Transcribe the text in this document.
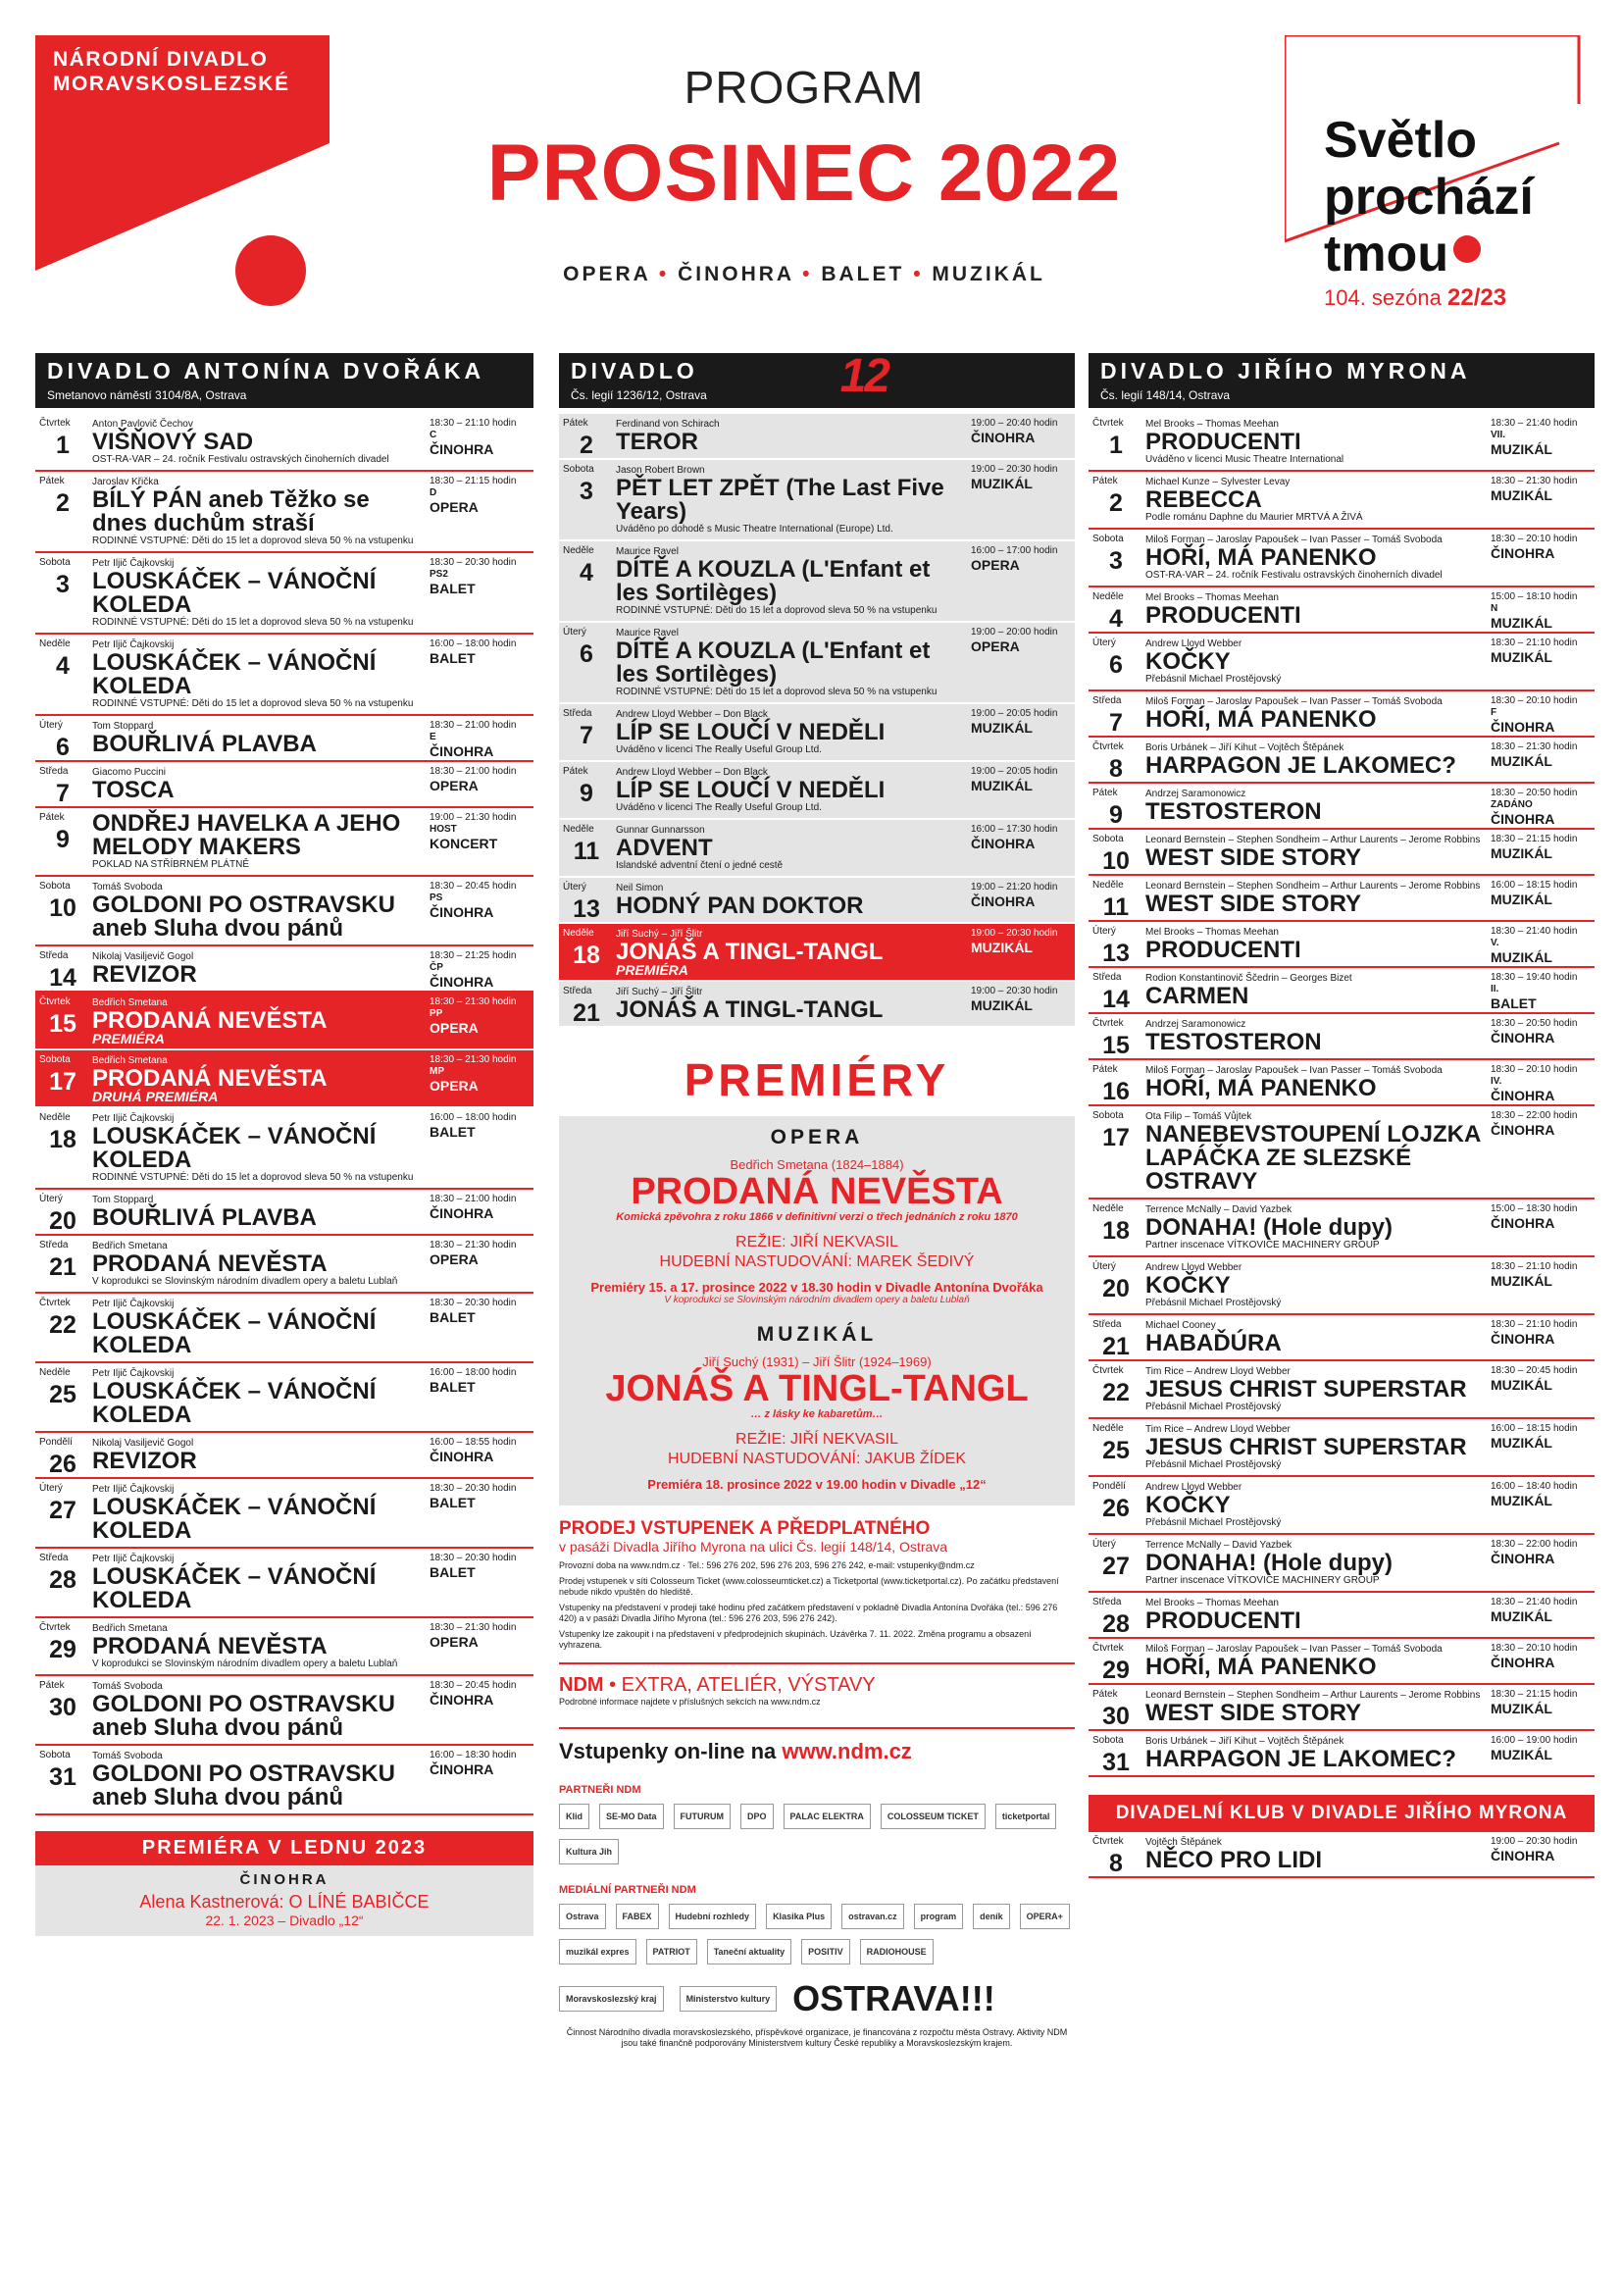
NÁRODNÍ DIVADLO
MORAVSKOSLEZSKÉ	PROGRAM
PROSINEC 2022
OPERA • ČINOHRA • BALET • MUZIKÁL
Světlo
prochází
tmou
104. sezóna 22/23
DIVADLO ANTONÍNA DVOŘÁKA
Smetanovo náměstí 3104/8A, Ostrava
Čtvrtek
1
Anton Pavlovič Čechov
VIŠŇOVÝ SAD
OST-RA-VAR – 24. ročník Festivalu ostravských činoherních divadel
18:30 – 21:10 hodin
C
ČINOHRA
Pátek
2
Jaroslav Křička
BÍLÝ PÁN aneb Těžko se dnes duchům straší
RODINNÉ VSTUPNÉ: Děti do 15 let a doprovod sleva 50 % na vstupenku
18:30 – 21:15 hodin
D
OPERA
Sobota
3
Petr Iljič Čajkovskij
LOUSKÁČEK – VÁNOČNÍ KOLEDA
RODINNÉ VSTUPNÉ: Děti do 15 let a doprovod sleva 50 % na vstupenku
18:30 – 20:30 hodin
PS2
BALET
Neděle
4
Petr Iljič Čajkovskij
LOUSKÁČEK – VÁNOČNÍ KOLEDA
RODINNÉ VSTUPNÉ: Děti do 15 let a doprovod sleva 50 % na vstupenku
16:00 – 18:00 hodin
BALET
Úterý
6
Tom Stoppard
BOUŘLIVÁ PLAVBA
18:30 – 21:00 hodin
E
ČINOHRA
Středa
7
Giacomo Puccini
TOSCA
18:30 – 21:00 hodin
OPERA
Pátek
9
ONDŘEJ HAVELKA A JEHO MELODY MAKERS
POKLAD NA STŘÍBRNÉM PLÁTNĚ
19:00 – 21:30 hodin
HOST
KONCERT
Sobota
10
Tomáš Svoboda
GOLDONI PO OSTRAVSKU aneb Sluha dvou pánů
18:30 – 20:45 hodin
PS
ČINOHRA
Středa
14
Nikolaj Vasiljevič Gogol
REVIZOR
18:30 – 21:25 hodin
ČP
ČINOHRA
Čtvrtek
15
Bedřich Smetana
PRODANÁ NEVĚSTA
PREMIÉRA
18:30 – 21:30 hodin
PP
OPERA
Sobota
17
Bedřich Smetana
PRODANÁ NEVĚSTA
DRUHÁ PREMIÉRA
18:30 – 21:30 hodin
MP
OPERA
Neděle
18
Petr Iljič Čajkovskij
LOUSKÁČEK – VÁNOČNÍ KOLEDA
RODINNÉ VSTUPNÉ: Děti do 15 let a doprovod sleva 50 % na vstupenku
16:00 – 18:00 hodin
BALET
Úterý
20
Tom Stoppard
BOUŘLIVÁ PLAVBA
18:30 – 21:00 hodin
ČINOHRA
Středa
21
Bedřich Smetana
PRODANÁ NEVĚSTA
V koprodukci se Slovinským národním divadlem opery a baletu Lublaň
18:30 – 21:30 hodin
OPERA
Čtvrtek
22
Petr Iljič Čajkovskij
LOUSKÁČEK – VÁNOČNÍ KOLEDA
18:30 – 20:30 hodin
BALET
Neděle
25
Petr Iljič Čajkovskij
LOUSKÁČEK – VÁNOČNÍ KOLEDA
16:00 – 18:00 hodin
BALET
Pondělí
26
Nikolaj Vasiljevič Gogol
REVIZOR
16:00 – 18:55 hodin
ČINOHRA
Úterý
27
Petr Iljič Čajkovskij
LOUSKÁČEK – VÁNOČNÍ KOLEDA
18:30 – 20:30 hodin
BALET
Středa
28
Petr Iljič Čajkovskij
LOUSKÁČEK – VÁNOČNÍ KOLEDA
18:30 – 20:30 hodin
BALET
Čtvrtek
29
Bedřich Smetana
PRODANÁ NEVĚSTA
V koprodukci se Slovinským národním divadlem opery a baletu Lublaň
18:30 – 21:30 hodin
OPERA
Pátek
30
Tomáš Svoboda
GOLDONI PO OSTRAVSKU aneb Sluha dvou pánů
18:30 – 20:45 hodin
ČINOHRA
Sobota
31
Tomáš Svoboda
GOLDONI PO OSTRAVSKU aneb Sluha dvou pánů
16:00 – 18:30 hodin
ČINOHRA
PREMIÉRA V LEDNU 2023
ČINOHRA
Alena Kastnerová: O LÍNÉ BABIČCE
22. 1. 2023 – Divadlo „12“
DIVADLO
Čs. legií 1236/12, Ostrava	12
Pátek
2
Ferdinand von Schirach
TEROR
19:00 – 20:40 hodin
ČINOHRA
Sobota
3
Jason Robert Brown
PĚT LET ZPĚT (The Last Five Years)
Uváděno po dohodě s Music Theatre International (Europe) Ltd.
19:00 – 20:30 hodin
MUZIKÁL
Neděle
4
Maurice Ravel
DÍTĚ A KOUZLA (L'Enfant et les Sortilèges)
RODINNÉ VSTUPNÉ: Děti do 15 let a doprovod sleva 50 % na vstupenku
16:00 – 17:00 hodin
OPERA
Úterý
6
Maurice Ravel
DÍTĚ A KOUZLA (L'Enfant et les Sortilèges)
RODINNÉ VSTUPNÉ: Děti do 15 let a doprovod sleva 50 % na vstupenku
19:00 – 20:00 hodin
OPERA
Středa
7
Andrew Lloyd Webber – Don Black
LÍP SE LOUČÍ V NEDĚLI
Uváděno v licenci The Really Useful Group Ltd.
19:00 – 20:05 hodin
MUZIKÁL
Pátek
9
Andrew Lloyd Webber – Don Black
LÍP SE LOUČÍ V NEDĚLI
Uváděno v licenci The Really Useful Group Ltd.
19:00 – 20:05 hodin
MUZIKÁL
Neděle
11
Gunnar Gunnarsson
ADVENT
Islandské adventní čtení o jedné cestě
16:00 – 17:30 hodin
ČINOHRA
Úterý
13
Neil Simon
HODNÝ PAN DOKTOR
19:00 – 21:20 hodin
ČINOHRA
Neděle
18
Jiří Suchý – Jiří Šlitr
JONÁŠ A TINGL-TANGL
PREMIÉRA
19:00 – 20:30 hodin
MUZIKÁL
Středa
21
Jiří Suchý – Jiří Šlitr
JONÁŠ A TINGL-TANGL
19:00 – 20:30 hodin
MUZIKÁL
PREMIÉRY
OPERA
Bedřich Smetana (1824–1884)
PRODANÁ NEVĚSTA
Komická zpěvohra z roku 1866 v definitivní verzi o třech jednáních z roku 1870
REŽIE: JIŘÍ NEKVASIL
HUDEBNÍ NASTUDOVÁNÍ: MAREK ŠEDIVÝ
Premiéry 15. a 17. prosince 2022 v 18.30 hodin v Divadle Antonína Dvořáka
V koprodukci se Slovinským národním divadlem opery a baletu Lublaň
MUZIKÁL
Jiří Suchý (1931) – Jiří Šlitr (1924–1969)
JONÁŠ A TINGL-TANGL
… z lásky ke kabaretům…
REŽIE: JIŘÍ NEKVASIL
HUDEBNÍ NASTUDOVÁNÍ: JAKUB ŽÍDEK
Premiéra 18. prosince 2022 v 19.00 hodin v Divadle „12“
PRODEJ VSTUPENEK A PŘEDPLATNÉHO
v pasáži Divadla Jiřího Myrona na ulici Čs. legií 148/14, Ostrava
Provozní doba na www.ndm.cz · Tel.: 596 276 202, 596 276 203, 596 276 242, e-mail: vstupenky@ndm.cz
Prodej vstupenek v síti Colosseum Ticket (www.colosseumticket.cz) a Ticketportal (www.ticketportal.cz). Po začátku představení nebude nikdo vpuštěn do hlediště.
Vstupenky na představení v prodeji také hodinu před začátkem představení v pokladně Divadla Antonína Dvořáka (tel.: 596 276 420) a v pasáži Divadla Jiřího Myrona (tel.: 596 276 203, 596 276 242).
Vstupenky lze zakoupit i na představení v předprodejních skupinách. Uzávěrka 7. 11. 2022. Změna programu a obsazení vyhrazena.
NDM • EXTRA, ATELIÉR, VÝSTAVY
Podrobné informace najdete v příslušných sekcích na www.ndm.cz
Vstupenky on-line na www.ndm.cz
PARTNEŘI NDM
Klid	SE-MO Data	FUTURUM	DPO	PALAC ELEKTRA	COLOSSEUM TICKET	ticketportal
Kultura Jih
MEDIÁLNÍ PARTNEŘI NDM
Ostrava	FABEX	Hudební rozhledy	Klasika Plus	ostravan.cz	program	deník	OPERA+
muzikál expres	PATRIOT	Taneční aktuality	POSITIV	RADIOHOUSE
Moravskoslezský kraj	Ministerstvo kultury OSTRAVA!!!
Činnost Národního divadla moravskoslezského, příspěvkové organizace, je financována z rozpočtu města Ostravy. Aktivity NDM jsou také finančně podporovány Ministerstvem kultury České republiky a Moravskoslezským krajem.
DIVADLO JIŘÍHO MYRONA
Čs. legií 148/14, Ostrava
Čtvrtek
1
Mel Brooks – Thomas Meehan
PRODUCENTI
Uváděno v licenci Music Theatre International
18:30 – 21:40 hodin
VII.
MUZIKÁL
Pátek
2
Michael Kunze – Sylvester Levay
REBECCA
Podle románu Daphne du Maurier MRTVÁ A ŽIVÁ
18:30 – 21:30 hodin
MUZIKÁL
Sobota
3
Miloš Forman – Jaroslav Papoušek – Ivan Passer – Tomáš Svoboda
HOŘÍ, MÁ PANENKO
OST-RA-VAR – 24. ročník Festivalu ostravských činoherních divadel
18:30 – 20:10 hodin
ČINOHRA
Neděle
4
Mel Brooks – Thomas Meehan
PRODUCENTI
15:00 – 18:10 hodin
N
MUZIKÁL
Úterý
6
Andrew Lloyd Webber
KOČKY
Přebásnil Michael Prostějovský
18:30 – 21:10 hodin
MUZIKÁL
Středa
7
Miloš Forman – Jaroslav Papoušek – Ivan Passer – Tomáš Svoboda
HOŘÍ, MÁ PANENKO
18:30 – 20:10 hodin
F
ČINOHRA
Čtvrtek
8
Boris Urbánek – Jiří Kihut – Vojtěch Štěpánek
HARPAGON JE LAKOMEC?
18:30 – 21:30 hodin
MUZIKÁL
Pátek
9
Andrzej Saramonowicz
TESTOSTERON
18:30 – 20:50 hodin
ZADÁNO
ČINOHRA
Sobota
10
Leonard Bernstein – Stephen Sondheim – Arthur Laurents – Jerome Robbins
WEST SIDE STORY
18:30 – 21:15 hodin
MUZIKÁL
Neděle
11
Leonard Bernstein – Stephen Sondheim – Arthur Laurents – Jerome Robbins
WEST SIDE STORY
16:00 – 18:15 hodin
MUZIKÁL
Úterý
13
Mel Brooks – Thomas Meehan
PRODUCENTI
18:30 – 21:40 hodin
V.
MUZIKÁL
Středa
14
Rodion Konstantinovič Ščedrin – Georges Bizet
CARMEN
18:30 – 19:40 hodin
II.
BALET
Čtvrtek
15
Andrzej Saramonowicz
TESTOSTERON
18:30 – 20:50 hodin
ČINOHRA
Pátek
16
Miloš Forman – Jaroslav Papoušek – Ivan Passer – Tomáš Svoboda
HOŘÍ, MÁ PANENKO
18:30 – 20:10 hodin
IV.
ČINOHRA
Sobota
17
Ota Filip – Tomáš Vůjtek
NANEBEVSTOUPENÍ LOJZKA LAPÁČKA ZE SLEZSKÉ OSTRAVY
18:30 – 22:00 hodin
ČINOHRA
Neděle
18
Terrence McNally – David Yazbek
DONAHA! (Hole dupy)
Partner inscenace VÍTKOVICE MACHINERY GROUP
15:00 – 18:30 hodin
ČINOHRA
Úterý
20
Andrew Lloyd Webber
KOČKY
Přebásnil Michael Prostějovský
18:30 – 21:10 hodin
MUZIKÁL
Středa
21
Michael Cooney
HABAĎÚRA
18:30 – 21:10 hodin
ČINOHRA
Čtvrtek
22
Tim Rice – Andrew Lloyd Webber
JESUS CHRIST SUPERSTAR
Přebásnil Michael Prostějovský
18:30 – 20:45 hodin
MUZIKÁL
Neděle
25
Tim Rice – Andrew Lloyd Webber
JESUS CHRIST SUPERSTAR
Přebásnil Michael Prostějovský
16:00 – 18:15 hodin
MUZIKÁL
Pondělí
26
Andrew Lloyd Webber
KOČKY
Přebásnil Michael Prostějovský
16:00 – 18:40 hodin
MUZIKÁL
Úterý
27
Terrence McNally – David Yazbek
DONAHA! (Hole dupy)
Partner inscenace VÍTKOVICE MACHINERY GROUP
18:30 – 22:00 hodin
ČINOHRA
Středa
28
Mel Brooks – Thomas Meehan
PRODUCENTI
18:30 – 21:40 hodin
MUZIKÁL
Čtvrtek
29
Miloš Forman – Jaroslav Papoušek – Ivan Passer – Tomáš Svoboda
HOŘÍ, MÁ PANENKO
18:30 – 20:10 hodin
ČINOHRA
Pátek
30
Leonard Bernstein – Stephen Sondheim – Arthur Laurents – Jerome Robbins
WEST SIDE STORY
18:30 – 21:15 hodin
MUZIKÁL
Sobota
31
Boris Urbánek – Jiří Kihut – Vojtěch Štěpánek
HARPAGON JE LAKOMEC?
16:00 – 19:00 hodin
MUZIKÁL
DIVADELNÍ KLUB V DIVADLE JIŘÍHO MYRONA
Čtvrtek
8
Vojtěch Štěpánek
NĚCO PRO LIDI
19:00 – 20:30 hodin
ČINOHRA
